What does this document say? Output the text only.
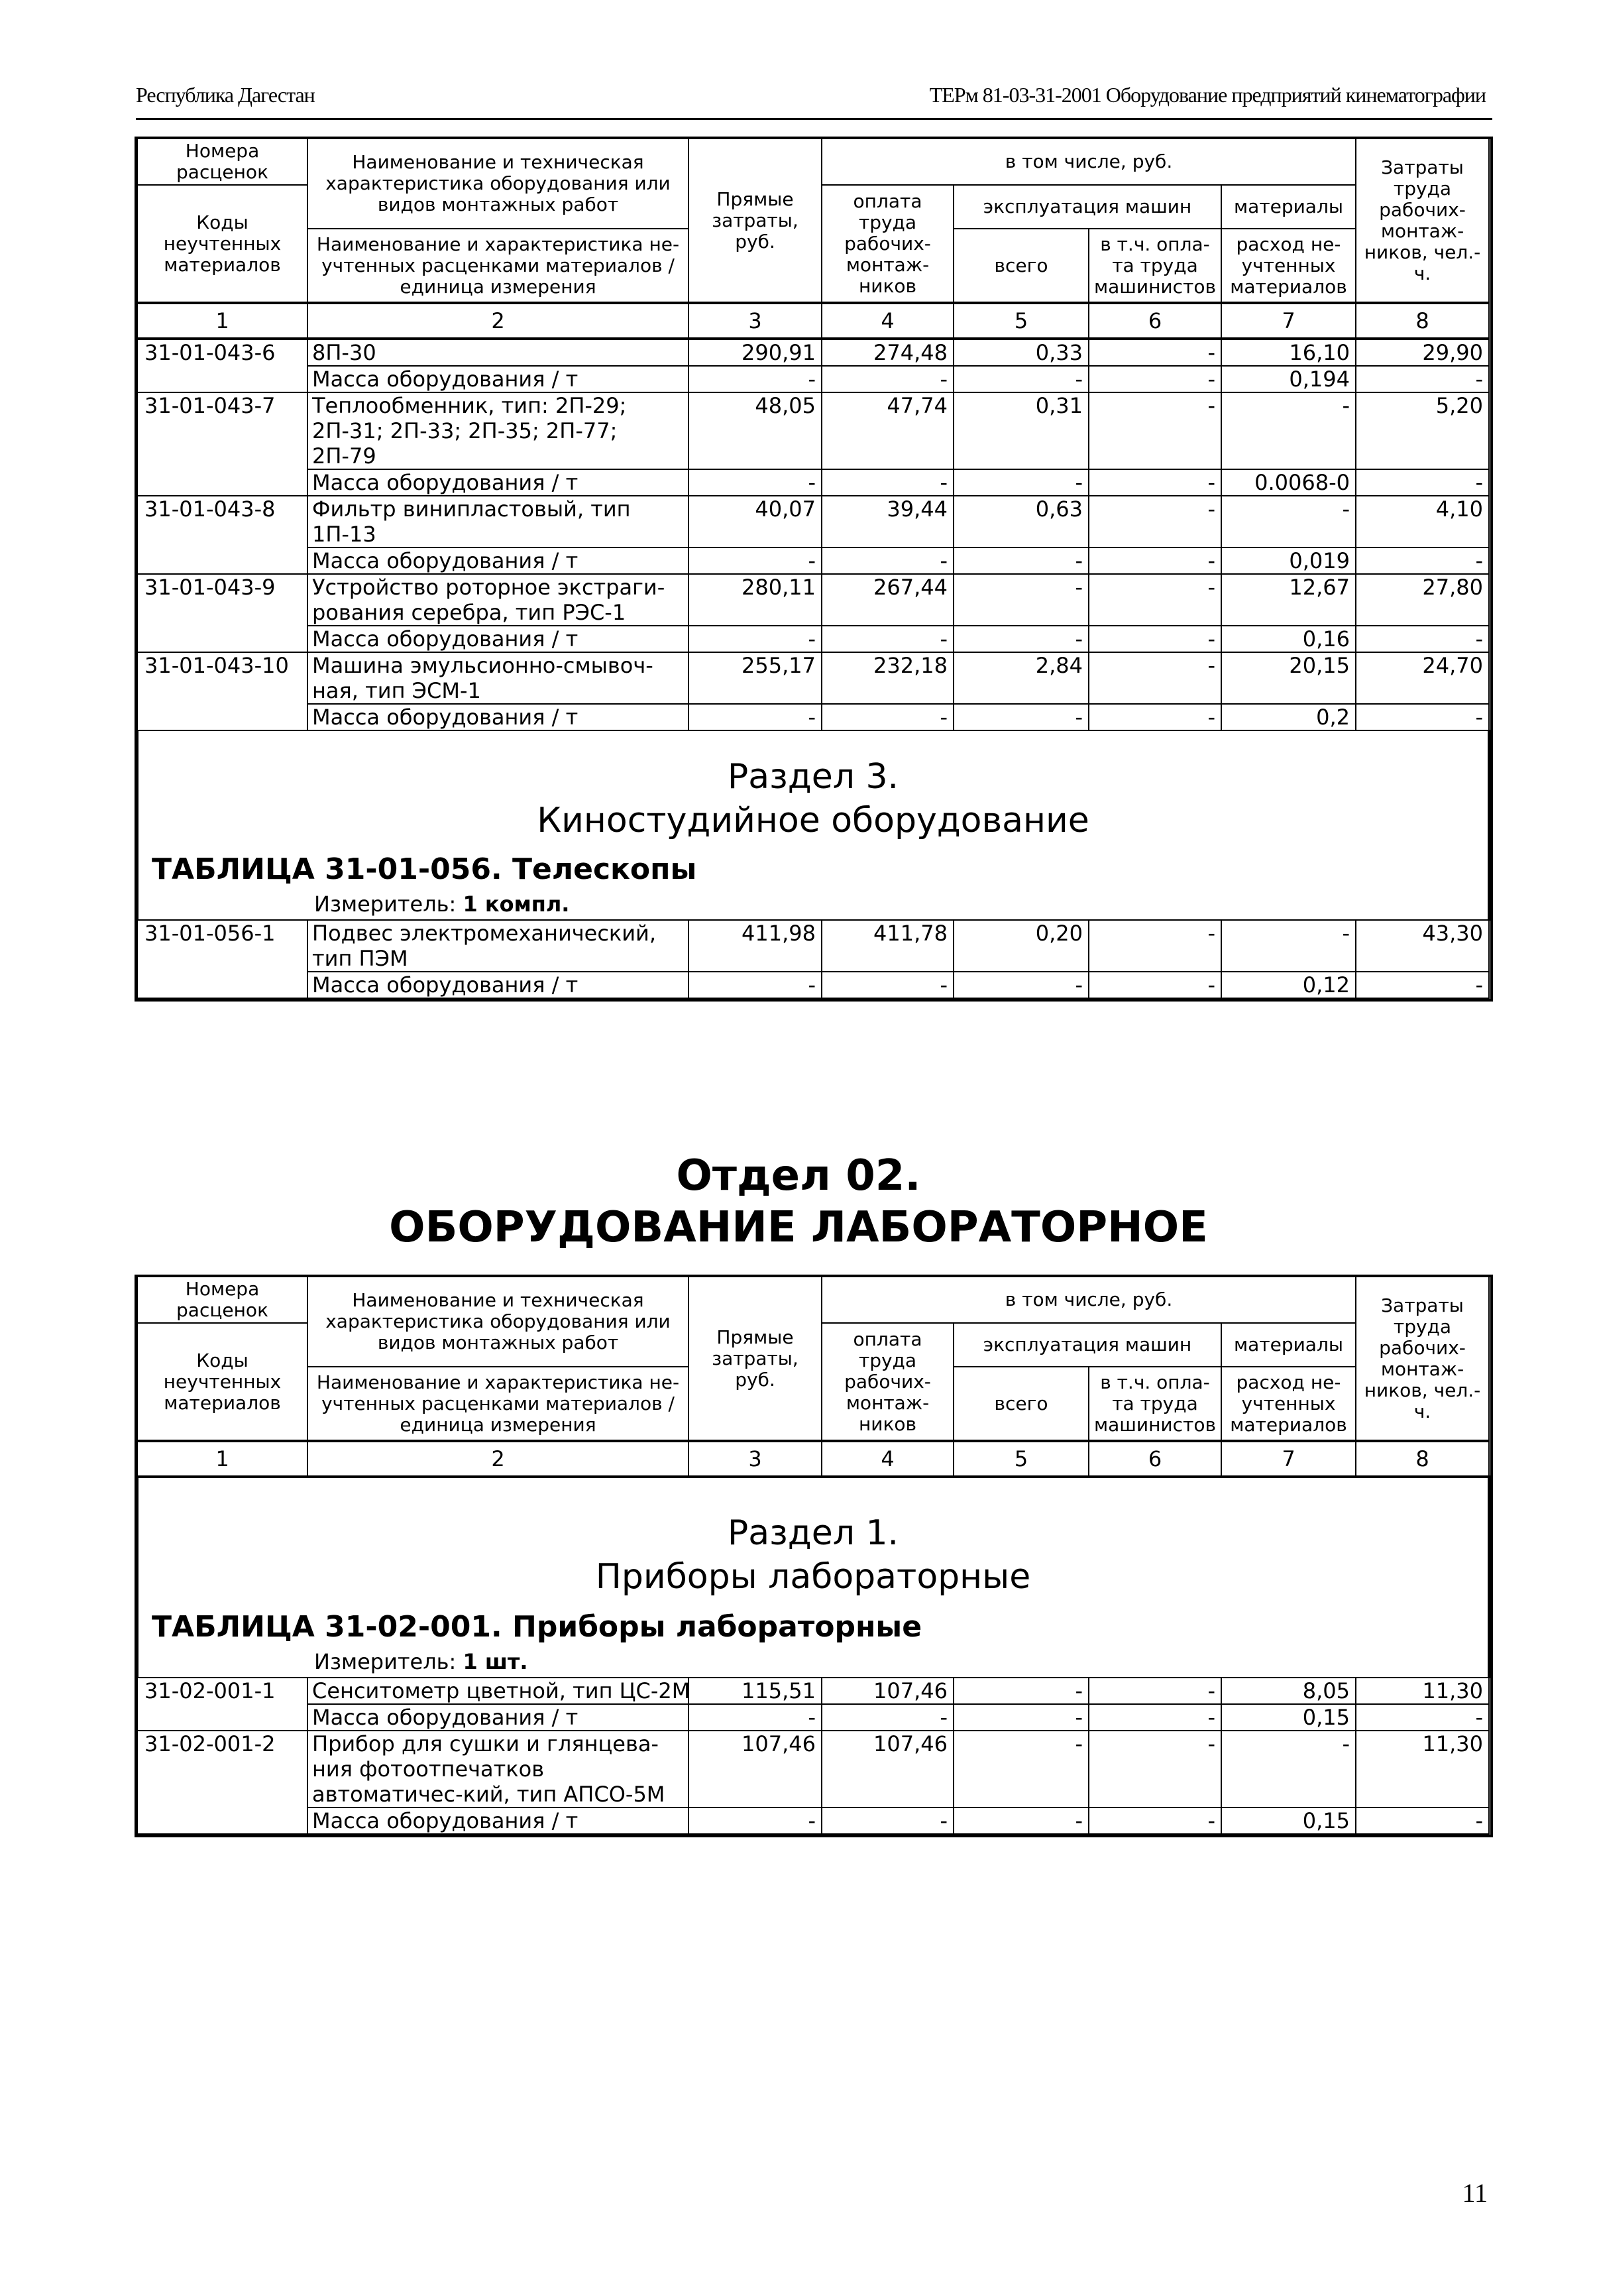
Республика Дагестан	ТЕРм 81-03-31-2001 Оборудование предприятий кинематографии
Номера расценок	Наименование и техническая характеристика оборудования или видов монтажных работ	Прямые затраты, руб.	в том числе, руб.				Затраты труда рабочих-монтаж-ников, чел.-ч.
Коды неучтенных материалов			оплата труда рабочих-монтаж-ников	эксплуатация машин		материалы	
	Наименование и характеристика не-учтенных расценками материалов / единица измерения			всего	в т.ч. опла-та труда машинистов	расход не-учтенных материалов	
1	2	3	4	5	6	7	8
31-01-043-6	8П-30	290,91	274,48	0,33	-	16,10	29,90
	Масса оборудования / т	-	-	-	-	0,194	-
31-01-043-7	Теплообменник, тип: 2П-29; 2П-31; 2П-33; 2П-35; 2П-77; 2П-79	48,05	47,74	0,31	-	-	5,20
	Масса оборудования / т	-	-	-	-	0.0068-0	-
31-01-043-8	Фильтр винипластовый, тип 1П-13	40,07	39,44	0,63	-	-	4,10
	Масса оборудования / т	-	-	-	-	0,019	-
31-01-043-9	Устройство роторное экстраги-рования серебра, тип РЭС-1	280,11	267,44	-	-	12,67	27,80
	Масса оборудования / т	-	-	-	-	0,16	-
31-01-043-10	Машина эмульсионно-смывоч-ная, тип ЭСМ-1	255,17	232,18	2,84	-	20,15	24,70
	Масса оборудования / т	-	-	-	-	0,2	-

Раздел 3.
Киностудийное оборудование
ТАБЛИЦА 31-01-056. Телескопы
Измеритель: 1 компл.							

31-01-056-1	Подвес электромеханический, тип ПЭМ	411,98	411,78	0,20	-	-	43,30
	Масса оборудования / т	-	-	-	-	0,12	-
Отдел 02.
ОБОРУДОВАНИЕ ЛАБОРАТОРНОЕ
Номера расценок	Наименование и техническая характеристика оборудования или видов монтажных работ	Прямые затраты, руб.	в том числе, руб.				Затраты труда рабочих-монтаж-ников, чел.-ч.
Коды неучтенных материалов			оплата труда рабочих-монтаж-ников	эксплуатация машин		материалы	
	Наименование и характеристика не-учтенных расценками материалов / единица измерения			всего	в т.ч. опла-та труда машинистов	расход не-учтенных материалов	
1	2	3	4	5	6	7	8

Раздел 1.
Приборы лабораторные
ТАБЛИЦА 31-02-001. Приборы лабораторные
Измеритель: 1 шт.							

31-02-001-1	Сенситометр цветной, тип ЦС-2М	115,51	107,46	-	-	8,05	11,30
	Масса оборудования / т	-	-	-	-	0,15	-
31-02-001-2	Прибор для сушки и глянцева-ния фотоотпечатков автоматичес-кий, тип АПСО-5М	107,46	107,46	-	-	-	11,30
	Масса оборудования / т	-	-	-	-	0,15	-
11
